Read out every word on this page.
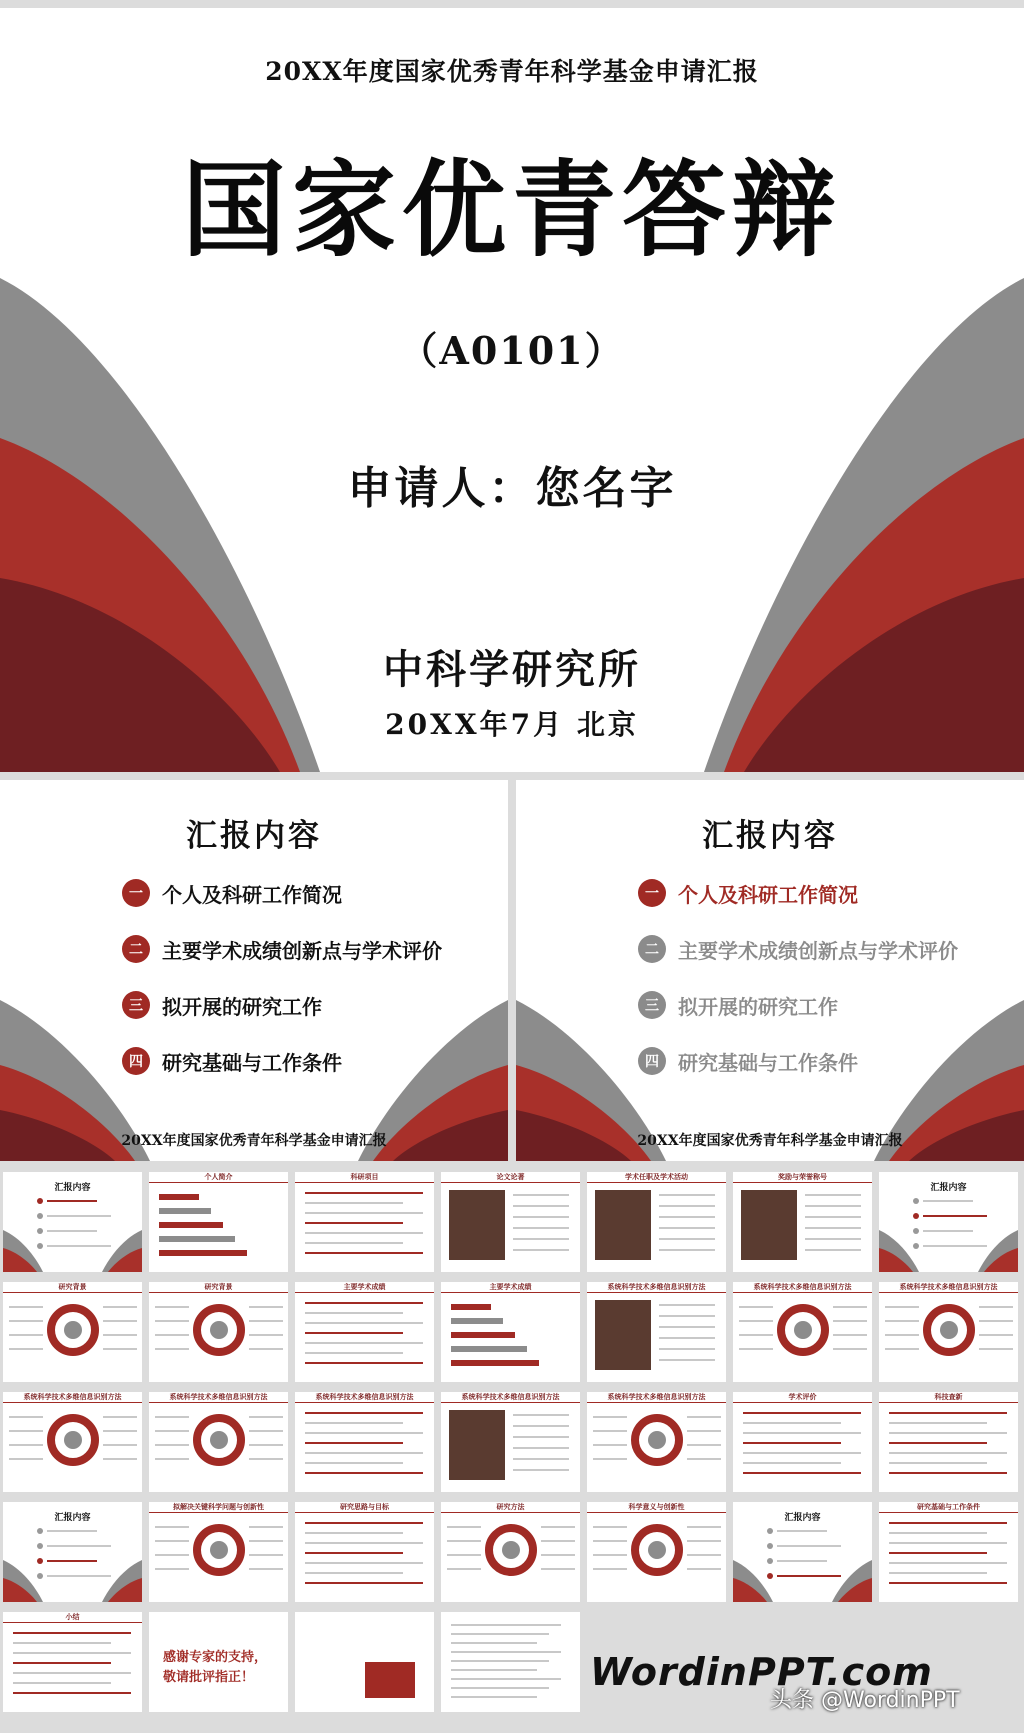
20XX年度国家优秀青年科学基金申请汇报
国家优青答辩
（A0101）
申请人：您名字
中科学研究所
20XX年7月 北京
汇报内容
一 个人及科研工作简况
二 主要学术成绩创新点与学术评价
三 拟开展的研究工作
四 研究基础与工作条件
20XX年度国家优秀青年科学基金申请汇报
汇报内容
一 个人及科研工作简况
二 主要学术成绩创新点与学术评价
三 拟开展的研究工作
四 研究基础与工作条件
20XX年度国家优秀青年科学基金申请汇报
汇报内容
个人简介	科研项目	论文论著	学术任职及学术活动	奖励与荣誉称号
汇报内容
研究背景	研究背景	主要学术成绩	主要学术成绩	系统科学技术多维信息识别方法	系统科学技术多维信息识别方法	系统科学技术多维信息识别方法
系统科学技术多维信息识别方法	系统科学技术多维信息识别方法	系统科学技术多维信息识别方法	系统科学技术多维信息识别方法	系统科学技术多维信息识别方法	学术评价	科技查新
汇报内容
拟解决关键科学问题与创新性	研究思路与目标	研究方法	科学意义与创新性
汇报内容
研究基础与工作条件
小结
感谢专家的支持，
敬请批评指正！	WordinPPT.com
头条 @WordinPPT
